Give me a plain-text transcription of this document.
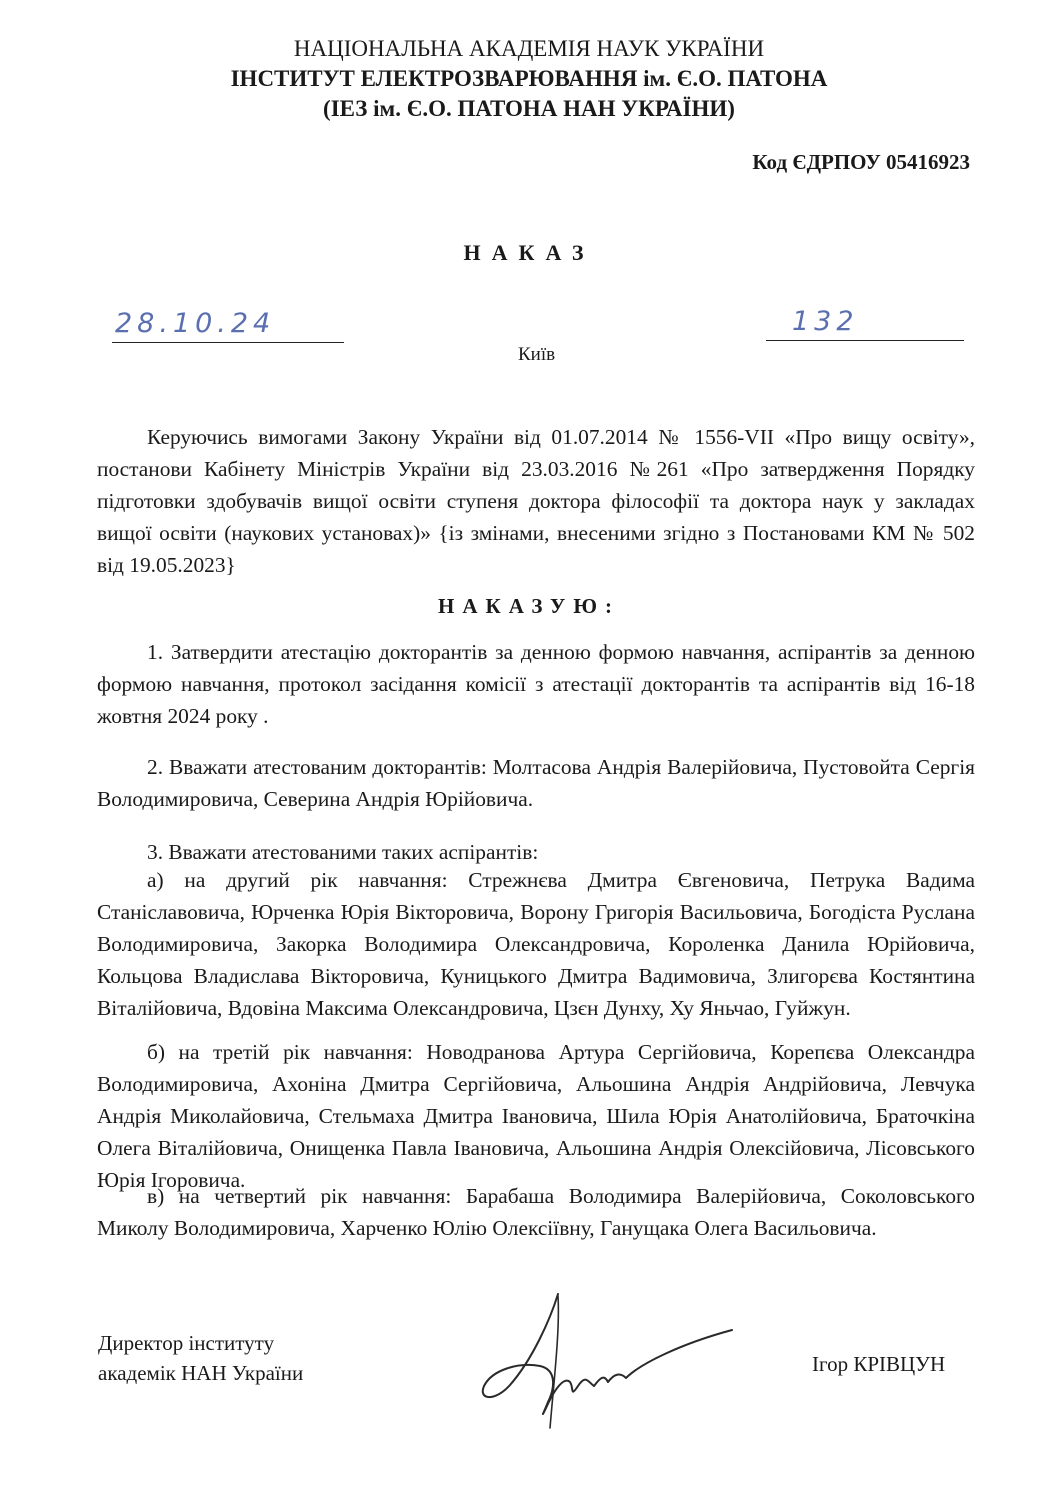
НАЦІОНАЛЬНА АКАДЕМІЯ НАУК УКРАЇНИ
ІНСТИТУТ ЕЛЕКТРОЗВАРЮВАННЯ ім. Є.О. ПАТОНА
(ІЕЗ ім. Є.О. ПАТОНА НАН УКРАЇНИ)
Код ЄДРПОУ 05416923
НАКАЗ
28.10.24	132
Київ
Керуючись вимогами Закону України від 01.07.2014 № 1556-VII «Про вищу освіту», постанови Кабінету Міністрів України від 23.03.2016 №261 «Про затвердження Порядку підготовки здобувачів вищої освіти ступеня доктора філософії та доктора наук у закладах вищої освіти (наукових установах)» {із змінами, внесеними згідно з Постановами КМ № 502 від 19.05.2023}
НАКАЗУЮ:
1. Затвердити атестацію докторантів за денною формою навчання, аспірантів за денною формою навчання, протокол засідання комісії з атестації докторантів та аспірантів від 16-18 жовтня 2024 року .
2. Вважати атестованим докторантів: Молтасова Андрія Валерійовича, Пустовойта Сергія Володимировича, Северина Андрія Юрійовича.
3. Вважати атестованими таких аспірантів:
а) на другий рік навчання: Стрежнєва Дмитра Євгеновича, Петрука Вадима Станіславовича, Юрченка Юрія Вікторовича, Ворону Григорія Васильовича, Богодіста Руслана Володимировича, Закорка Володимира Олександровича, Короленка Данила Юрійовича, Кольцова Владислава Вікторовича, Куницького Дмитра Вадимовича, Злигорєва Костянтина Віталійовича, Вдовіна Максима Олександровича, Цзєн Дунху, Ху Яньчао, Гуйжун.
б) на третій рік навчання: Новодранова Артура Сергійовича, Корепєва Олександра Володимировича, Ахоніна Дмитра Сергійовича, Альошина Андрія Андрійовича, Левчука Андрія Миколайовича, Стельмаха Дмитра Івановича, Шила Юрія Анатолійовича, Браточкіна Олега Віталійовича, Онищенка Павла Івановича, Альошина Андрія Олексійовича, Лісовського Юрія Ігоровича.
в) на четвертий рік навчання: Барабаша Володимира Валерійовича, Соколовського Миколу Володимировича, Харченко Юлію Олексіївну, Ганущака Олега Васильовича.
Директор інституту
академік НАН України	Ігор КРІВЦУН
